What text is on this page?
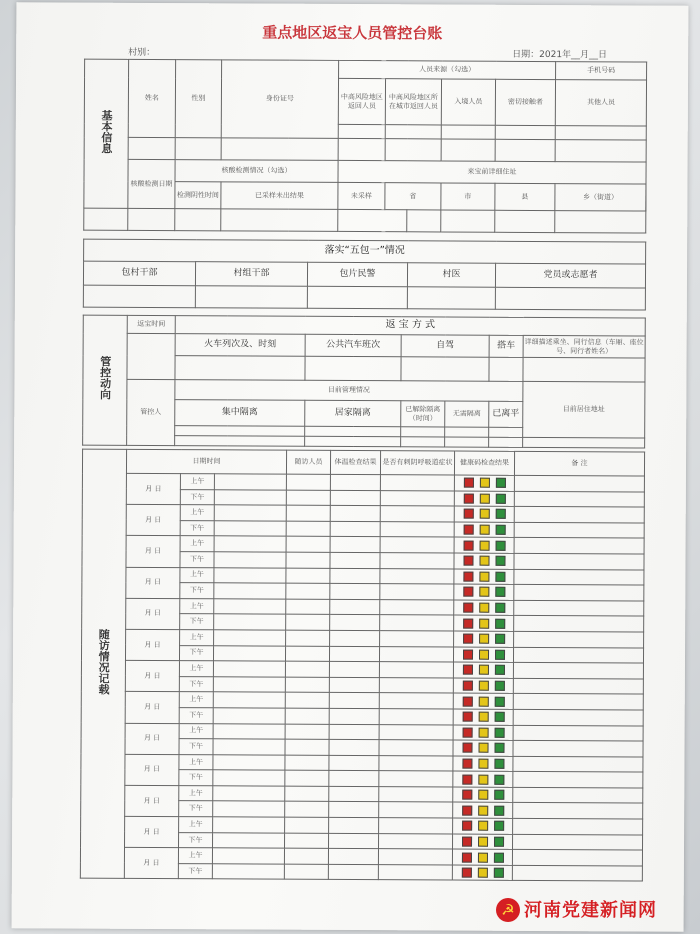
重点地区返宝人员管控台账
村别：	日期：2021年__月__日
基本信息	姓名	性别	身份证号	人员来源（勾选）					手机号码	
				中高风险地区返回人员	中高风险地区所在城市返回人员		入境人员	密切接触者	其他人员	

	核酸检测日期	核酸检测情况（勾选）		来宝前详细住址						
		检测阴性时间	已采样未出结果	未采样	省		市	县	乡（街道）	

落实“五包一”情况				
包村干部	村组干部	包片民警	村医	党员或志愿者

管控动向	返宝时间	返 宝 方 式					
		火车列次及、时刻	公共汽车班次	自驾		搭车	详细描述乘坐、同行信息（车厢、座位号、同行者姓名）

	管控人	目前管理情况					目前居住地址
		集中隔离	居家隔离	已解除隔离（时间）	无需隔离	已离平	

随访情况记载	日期时间			随访人员	体温检查结果	是否有刺阴呼吸道症状	健康码检查结果	备 注
	月 日	上午						
		下午						
	月 日	上午						
		下午						
	月 日	上午						
		下午						
	月 日	上午						
		下午						
	月 日	上午						
		下午						
	月 日	上午						
		下午						
	月 日	上午						
		下午						
	月 日	上午						
		下午						
	月 日	上午						
		下午						
	月 日	上午						
		下午						
	月 日	上午						
		下午						
	月 日	上午						
		下午						
	月 日	上午						
		下午						
☭ 河南党建新闻网
